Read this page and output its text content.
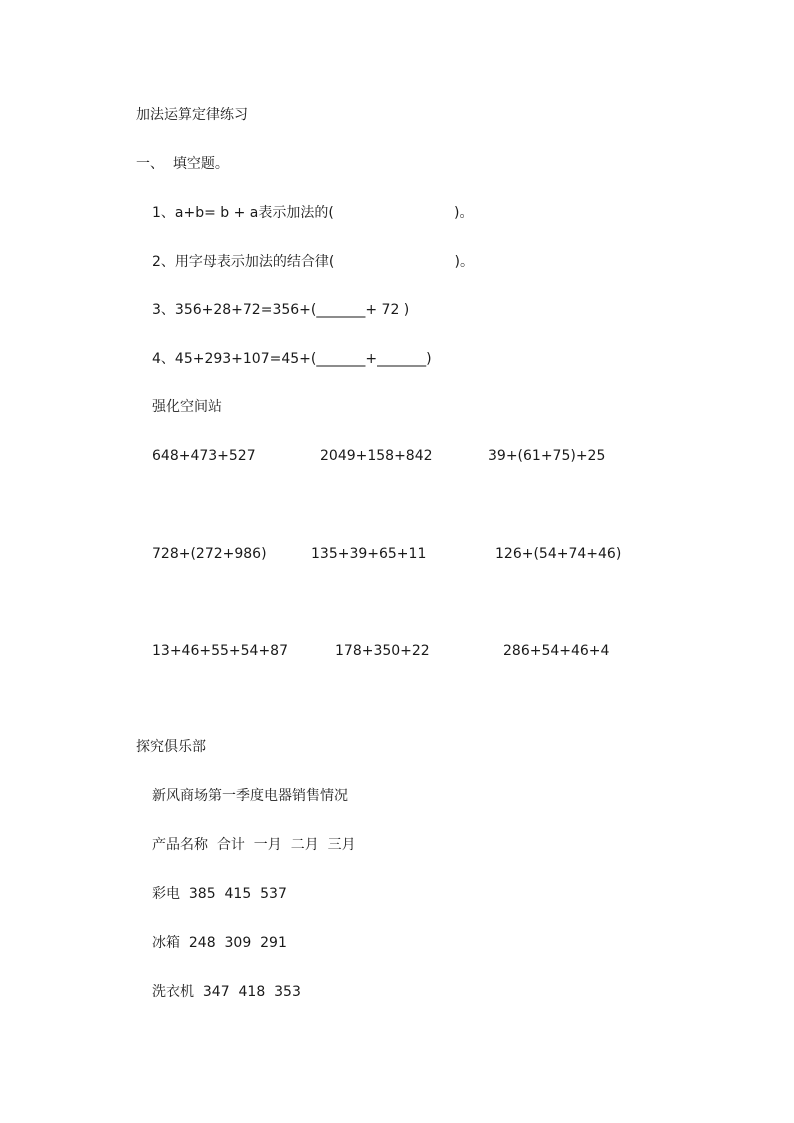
加法运算定律练习
一、  填空题。
1、a+b= b + a表示加法的(                           )。
2、用字母表示加法的结合律(                           )。
3、356+28+72=356+(_______+ 72 )
4、45+293+107=45+(_______+_______)
强化空间站
648+473+527	2049+158+842	39+(61+75)+25
728+(272+986)	135+39+65+11	126+(54+74+46)
13+46+55+54+87	178+350+22	286+54+46+4
探究俱乐部
新风商场第一季度电器销售情况
产品名称  合计  一月  二月  三月
彩电  385  415  537
冰箱  248  309  291
洗衣机  347  418  353
